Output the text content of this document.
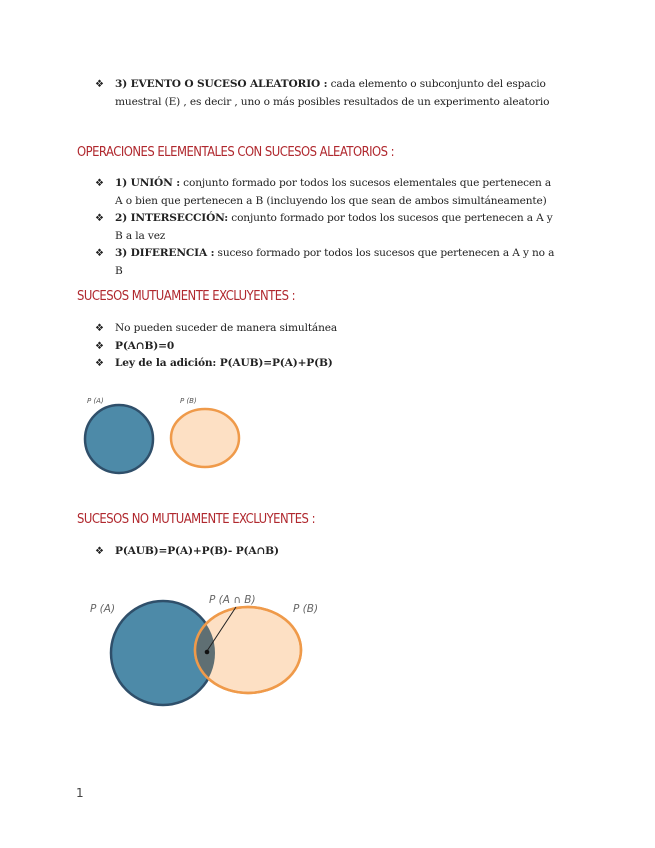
❖ 3) EVENTO O SUCESO ALEATORIO : cada elemento o subconjunto del espacio
muestral (E) , es decir , uno o más posibles resultados de un experimento aleatorio
OPERACIONES ELEMENTALES CON SUCESOS ALEATORIOS :
❖ 1) UNIÓN : conjunto formado por todos los sucesos elementales que pertenecen a
A o bien que pertenecen a B (incluyendo los que sean de ambos simultáneamente)
❖ 2) INTERSECCIÓN: conjunto formado por todos los sucesos que pertenecen a A y
B a la vez
❖ 3) DIFERENCIA : suceso formado por todos los sucesos que pertenecen a A y no a
B
SUCESOS MUTUAMENTE EXCLUYENTES :
❖ No pueden suceder de manera simultánea
❖ P(A∩B)=0
❖ Ley de la adición: P(AUB)=P(A)+P(B)
P (A)	P (B)
SUCESOS NO MUTUAMENTE EXCLUYENTES :
❖ P(AUB)=P(A)+P(B)- P(A∩B)
P (A)
P (A ∩ B)
P (B)
1
